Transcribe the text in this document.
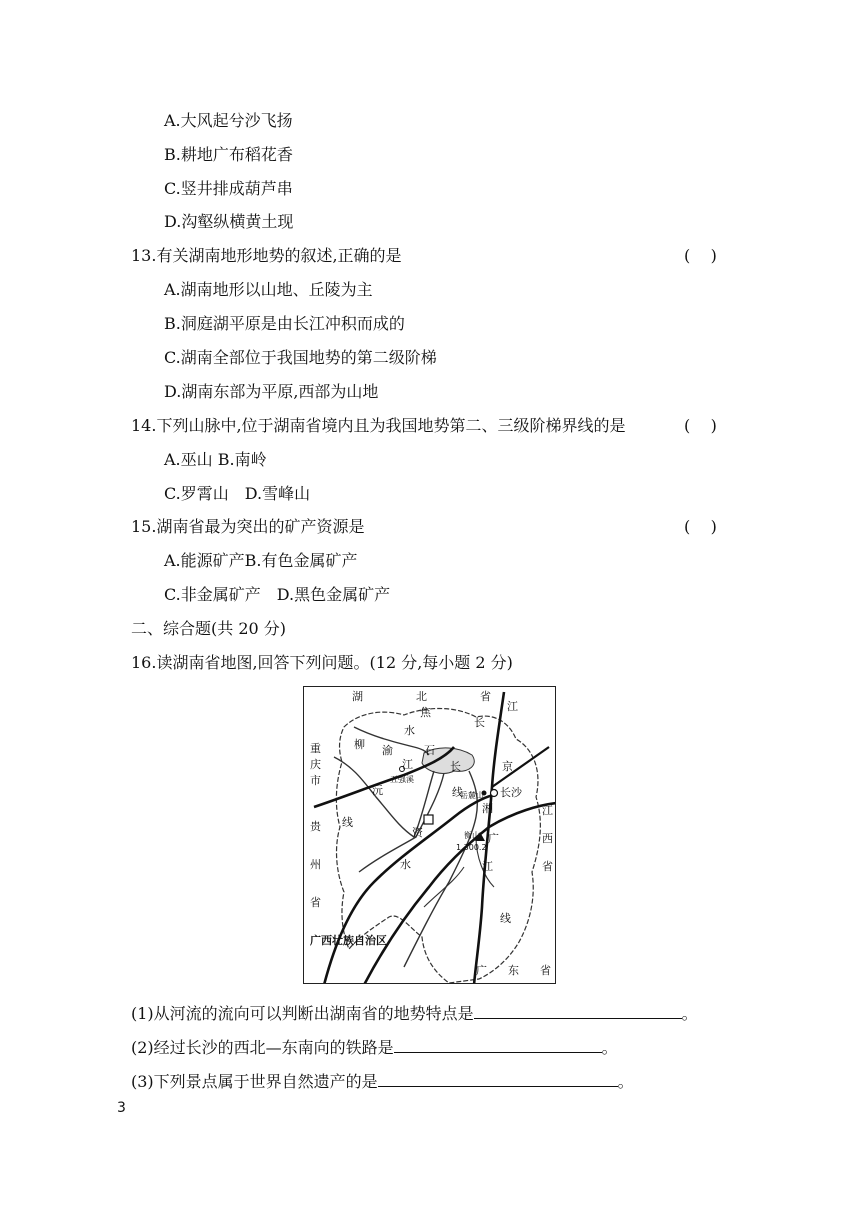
A.大风起兮沙飞扬
B.耕地广布稻花香
C.竖井排成葫芦串
D.沟壑纵横黄土现
13.有关湖南地形地势的叙述,正确的是	(    )
A.湖南地形以山地、丘陵为主
B.洞庭湖平原是由长江冲积而成的
C.湖南全部位于我国地势的第二级阶梯
D.湖南东部为平原,西部为山地
14.下列山脉中,位于湖南省境内且为我国地势第二、三级阶梯界线的是	(    )
A.巫山 B.南岭
C.罗霄山　D.雪峰山
15.湖南省最为突出的矿产资源是	(    )
A.能源矿产B.有色金属矿产
C.非金属矿产　D.黑色金属矿产
二、综合题(共 20 分)
16.读湖南省地图,回答下列问题。(12 分,每小题 2 分)
湖	北	省
江
长
重
庆
市
贵
州
省
江
西
省
柳 渝
水
焦
石
长
江	京
线
线
沅
资
水	江
湘
广
线
五强溪
岳麓山 长沙
衡山
1 300.2
广西壮族自治区
广 东 省
(1)从河流的流向可以判断出湖南省的地势特点是	。
(2)经过长沙的西北—东南向的铁路是	。
(3)下列景点属于世界自然遗产的是	。
3
